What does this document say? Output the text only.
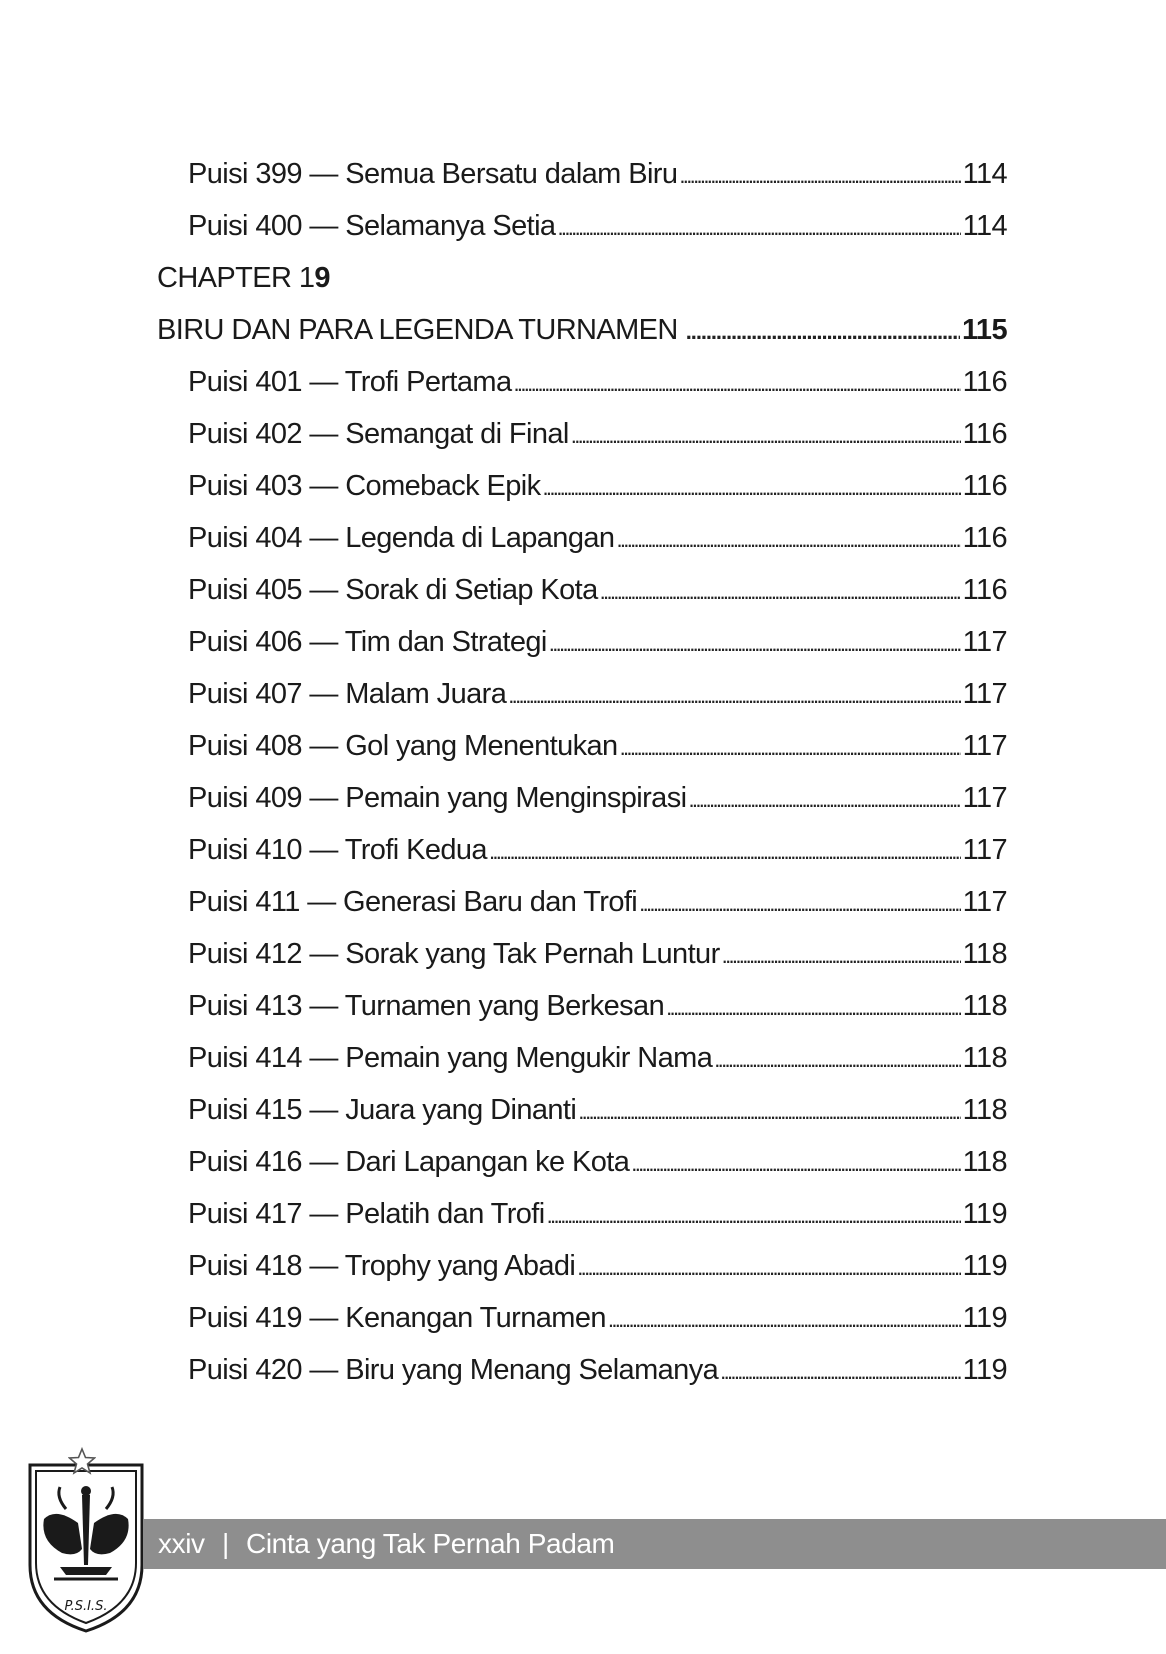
Puisi 399 — Semua Bersatu dalam Biru . . .	114
Puisi 400 — Selamanya Setia . . .	114
CHAPTER 1 9
BIRU DAN PARA LEGENDA TURNAMEN . . .	115
Puisi 401 — Trofi Pertama . . .	116
Puisi 402 — Semangat di Final . . .	116
Puisi 403 — Comeback Epik . . .	116
Puisi 404 — Legenda di Lapangan . . .	116
Puisi 405 — Sorak di Setiap Kota . . .	116
Puisi 406 — Tim dan Strategi . . .	117
Puisi 407 — Malam Juara . . .	117
Puisi 408 — Gol yang Menentukan . . .	117
Puisi 409 — Pemain yang Menginspirasi . . .	117
Puisi 410 — Trofi Kedua . . .	117
Puisi 411 — Generasi Baru dan Trofi . . .	117
Puisi 412 — Sorak yang Tak Pernah Luntur . . .	118
Puisi 413 — Turnamen yang Berkesan . . .	118
Puisi 414 — Pemain yang Mengukir Nama . . .	118
Puisi 415 — Juara yang Dinanti . . .	118
Puisi 416 — Dari Lapangan ke Kota . . .	118
Puisi 417 — Pelatih dan Trofi . . .	119
Puisi 418 — Trophy yang Abadi . . .	119
Puisi 419 — Kenangan Turnamen . . .	119
Puisi 420 — Biru yang Menang Selamanya . . .	119
P.S.I.S.
xxiv | Cinta yang Tak Pernah Padam
